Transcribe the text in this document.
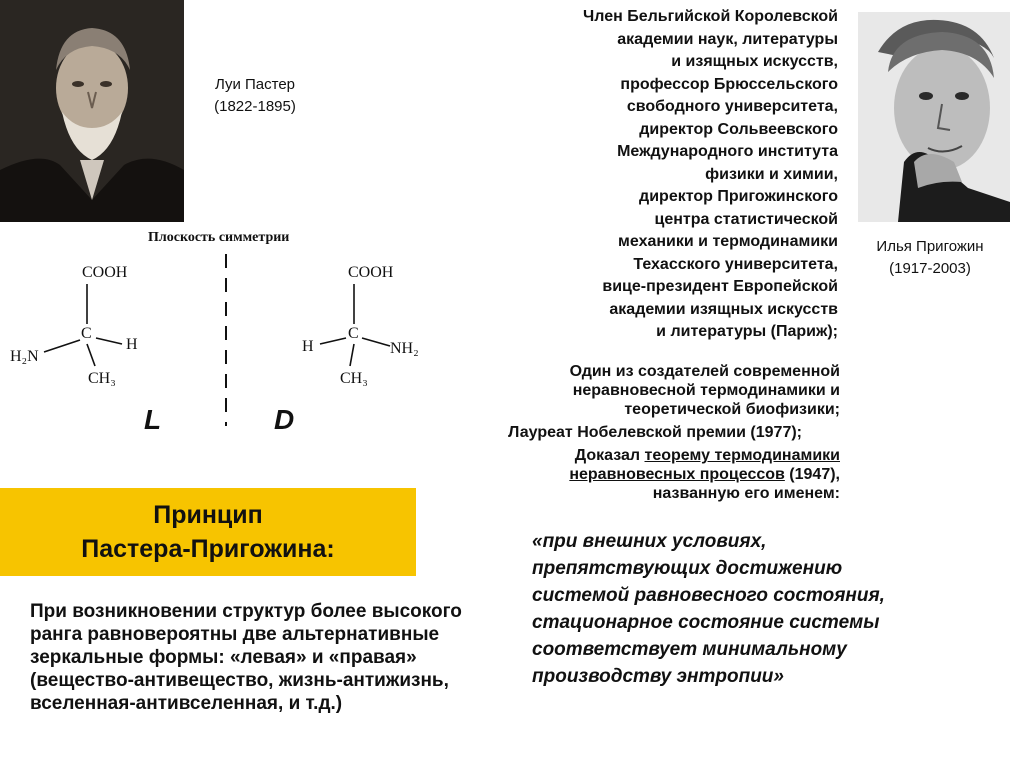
Луи Пастер
(1822-1895)
Плоскость симметрии
COOH
C
H₂N
H
CH₃
COOH
C
H	NH₂
CH₃
L	D
Член Бельгийской Королевской
академии наук, литературы
и изящных искусств,
профессор Брюссельского
свободного университета,
директор Сольвеевского
Международного института
физики и химии,
директор Пригожинского
центра статистической
механики и термодинамики
Техасского университета,
вице-президент Европейской
академии изящных искусств
и литературы (Париж);
Один из создателей современной
неравновесной термодинамики и
теоретической биофизики;
Лауреат Нобелевской премии (1977);
Доказал теорему термодинамики
неравновесных процессов (1947),
названную его именем:
Илья Пригожин
(1917-2003)
Принцип
Пастера-Пригожина:
При возникновении структур более высокого ранга равновероятны две альтернативные зеркальные формы: «левая» и «правая» (вещество-антивещество, жизнь-антижизнь, вселенная-антивселенная, и т.д.)
«при внешних условиях,
препятствующих достижению
системой равновесного состояния,
стационарное состояние системы
соответствует минимальному
производству энтропии»
